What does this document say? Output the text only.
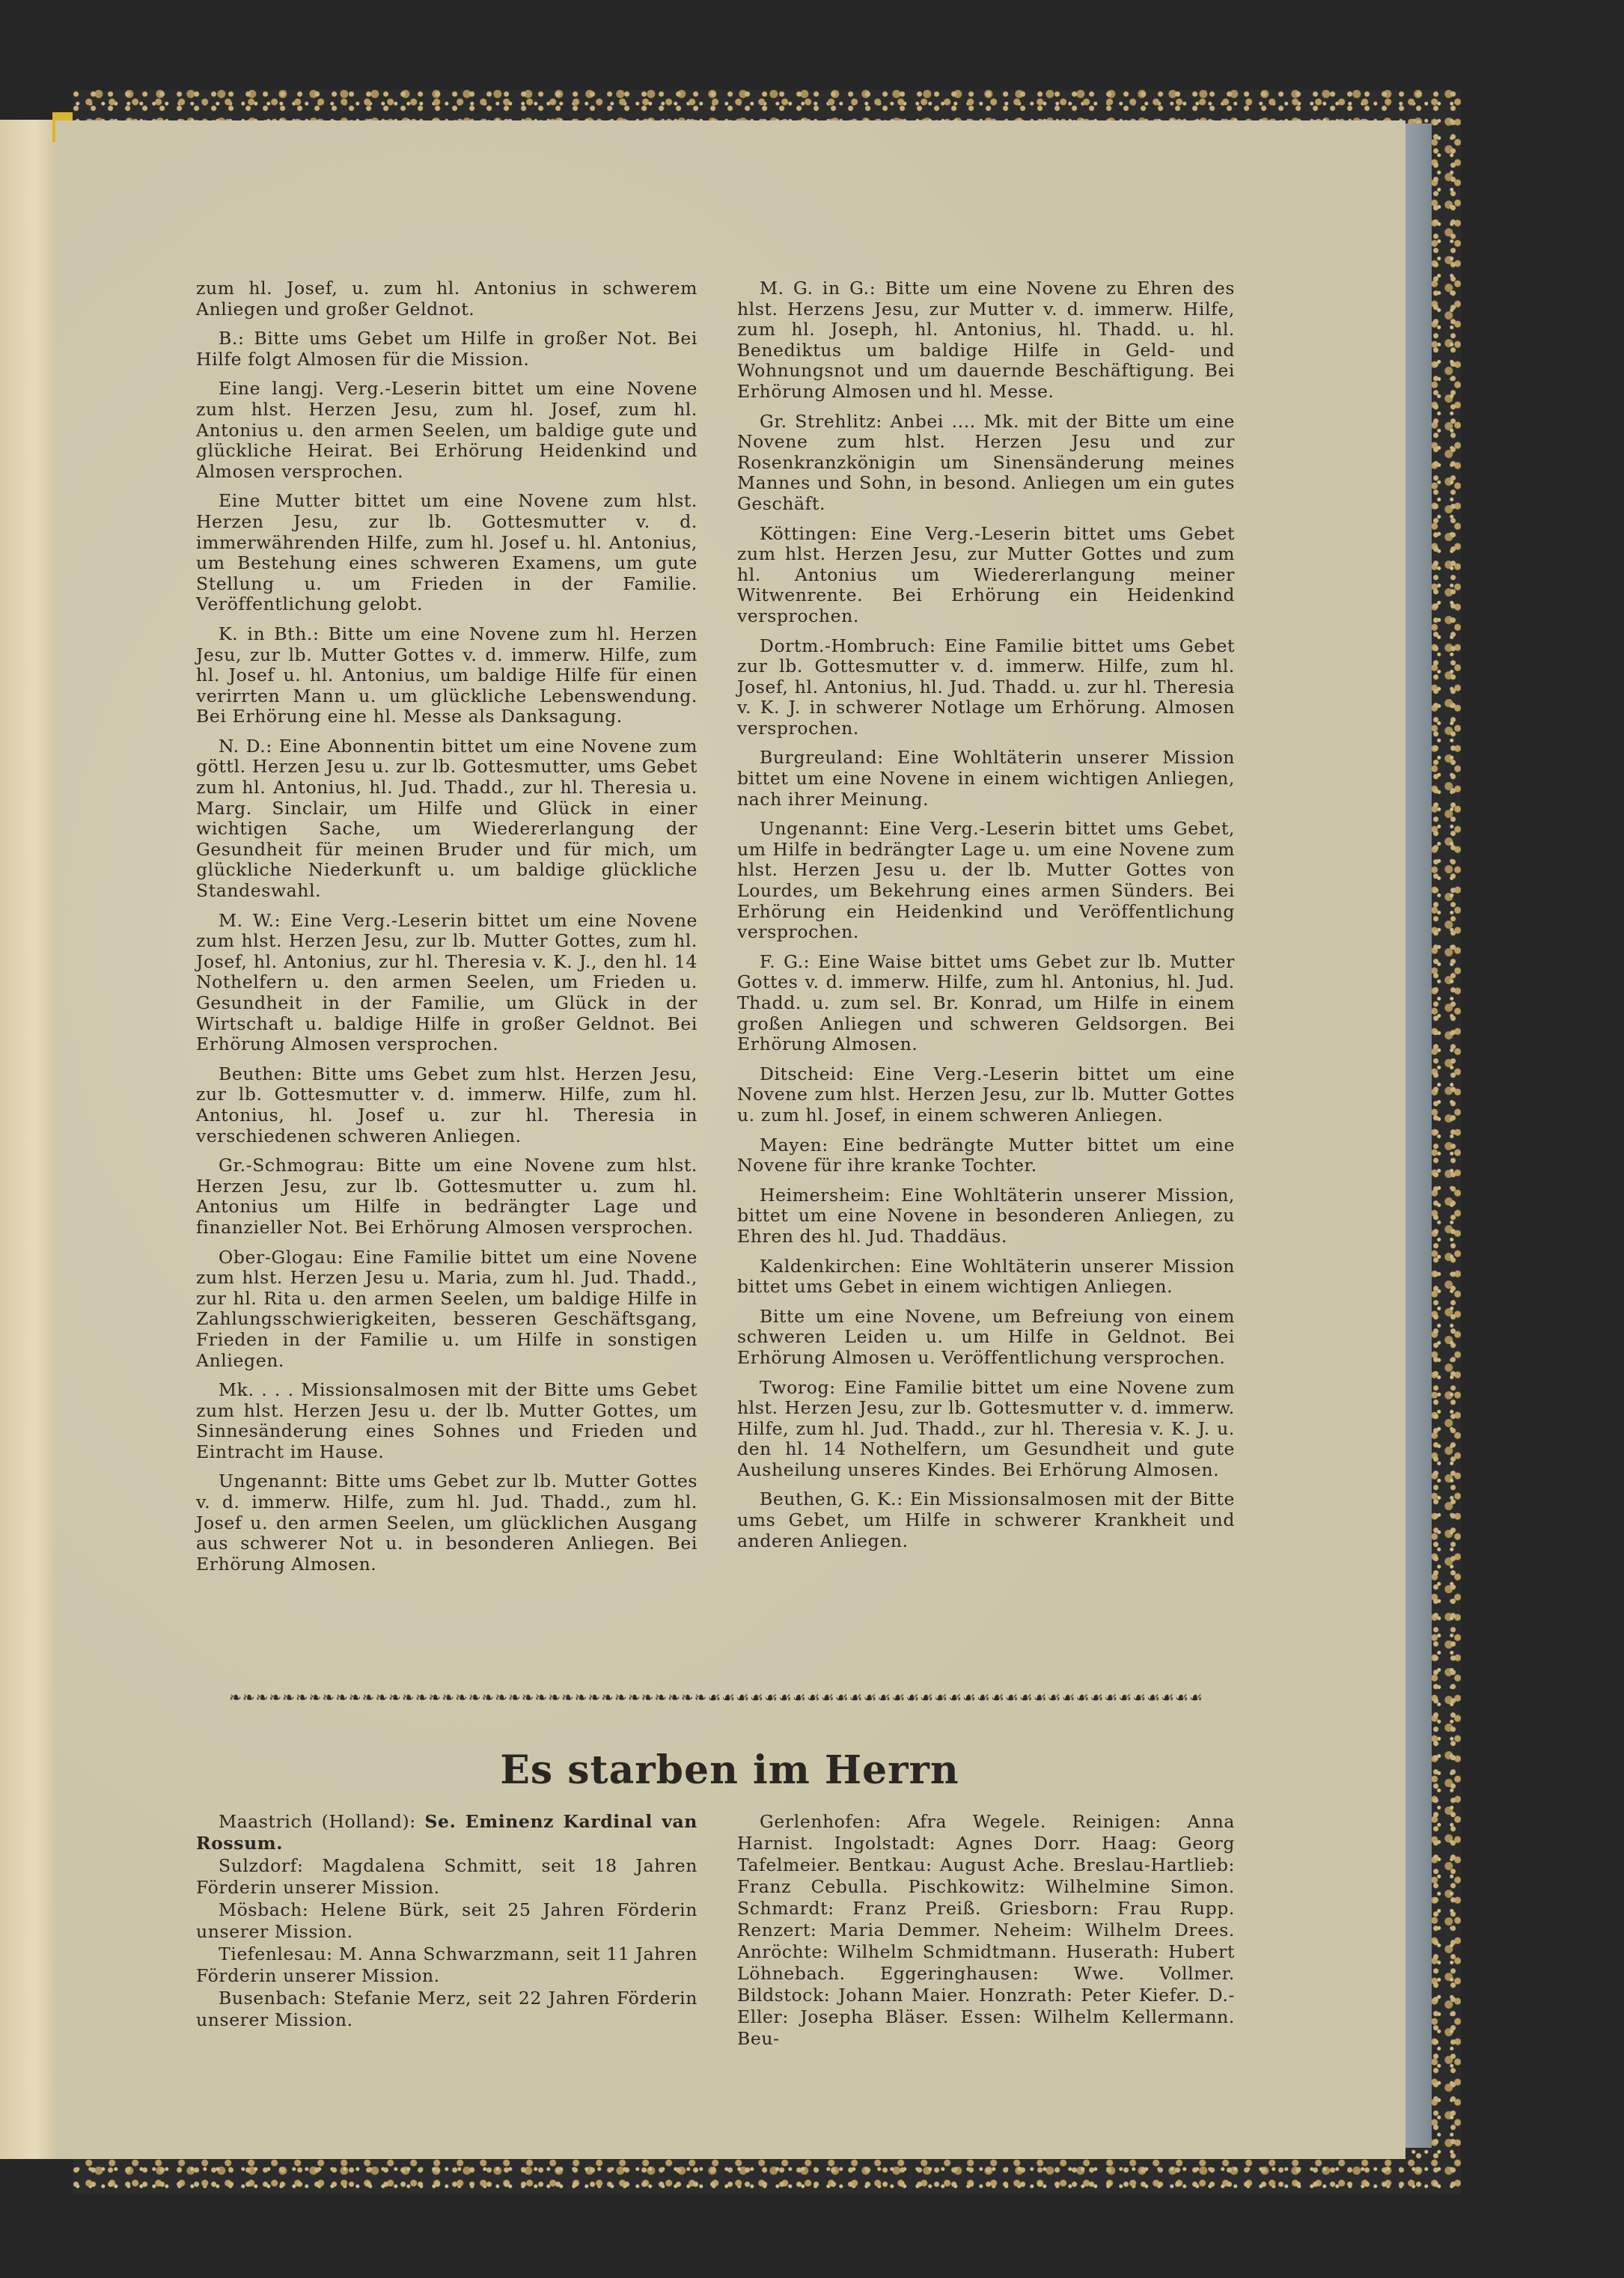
zum hl. Josef, u. zum hl. Antonius in schwerem Anliegen und großer Geldnot.

B.: Bitte ums Gebet um Hilfe in großer Not. Bei Hilfe folgt Almosen für die Mission.

Eine langj. Verg.-Leserin bittet um eine Novene zum hlst. Herzen Jesu, zum hl. Josef, zum hl. Antonius u. den armen Seelen, um baldige gute und glückliche Heirat. Bei Erhörung Heidenkind und Almosen versprochen.

Eine Mutter bittet um eine Novene zum hlst. Herzen Jesu, zur lb. Gottesmutter v. d. immerwährenden Hilfe, zum hl. Josef u. hl. Antonius, um Bestehung eines schweren Examens, um gute Stellung u. um Frieden in der Familie. Veröffentlichung gelobt.

K. in Bth.: Bitte um eine Novene zum hl. Herzen Jesu, zur lb. Mutter Gottes v. d. immerw. Hilfe, zum hl. Josef u. hl. Antonius, um baldige Hilfe für einen verirrten Mann u. um glückliche Lebenswendung. Bei Erhörung eine hl. Messe als Danksagung.

N. D.: Eine Abonnentin bittet um eine Novene zum göttl. Herzen Jesu u. zur lb. Gottesmutter, ums Gebet zum hl. Antonius, hl. Jud. Thadd., zur hl. Theresia u. Marg. Sinclair, um Hilfe und Glück in einer wichtigen Sache, um Wiedererlangung der Gesundheit für meinen Bruder und für mich, um glückliche Niederkunft u. um baldige glückliche Standeswahl.

M. W.: Eine Verg.-Leserin bittet um eine Novene zum hlst. Herzen Jesu, zur lb. Mutter Gottes, zum hl. Josef, hl. Antonius, zur hl. Theresia v. K. J., den hl. 14 Nothelfern u. den armen Seelen, um Frieden u. Gesundheit in der Familie, um Glück in der Wirtschaft u. baldige Hilfe in großer Geldnot. Bei Erhörung Almosen versprochen.

Beuthen: Bitte ums Gebet zum hlst. Herzen Jesu, zur lb. Gottesmutter v. d. immerw. Hilfe, zum hl. Antonius, hl. Josef u. zur hl. Theresia in verschiedenen schweren Anliegen.

Gr.-Schmograu: Bitte um eine Novene zum hlst. Herzen Jesu, zur lb. Gottesmutter u. zum hl. Antonius um Hilfe in bedrängter Lage und finanzieller Not. Bei Erhörung Almosen versprochen.

Ober-Glogau: Eine Familie bittet um eine Novene zum hlst. Herzen Jesu u. Maria, zum hl. Jud. Thadd., zur hl. Rita u. den armen Seelen, um baldige Hilfe in Zahlungsschwierigkeiten, besseren Geschäftsgang, Frieden in der Familie u. um Hilfe in sonstigen Anliegen.

Mk. . . . Missionsalmosen mit der Bitte ums Gebet zum hlst. Herzen Jesu u. der lb. Mutter Gottes, um Sinnesänderung eines Sohnes und Frieden und Eintracht im Hause.

Ungenannt: Bitte ums Gebet zur lb. Mutter Gottes v. d. immerw. Hilfe, zum hl. Jud. Thadd., zum hl. Josef u. den armen Seelen, um glücklichen Ausgang aus schwerer Not u. in besonderen Anliegen. Bei Erhörung Almosen.

M. G. in G.: Bitte um eine Novene zu Ehren des hlst. Herzens Jesu, zur Mutter v. d. immerw. Hilfe, zum hl. Joseph, hl. Antonius, hl. Thadd. u. hl. Benediktus um baldige Hilfe in Geld- und Wohnungsnot und um dauernde Beschäftigung. Bei Erhörung Almosen und hl. Messe.

Gr. Strehlitz: Anbei .... Mk. mit der Bitte um eine Novene zum hlst. Herzen Jesu und zur Rosenkranzkönigin um Sinensänderung meines Mannes und Sohn, in besond. Anliegen um ein gutes Geschäft.

Köttingen: Eine Verg.-Leserin bittet ums Gebet zum hlst. Herzen Jesu, zur Mutter Gottes und zum hl. Antonius um Wiedererlangung meiner Witwenrente. Bei Erhörung ein Heidenkind versprochen.

Dortm.-Hombruch: Eine Familie bittet ums Gebet zur lb. Gottesmutter v. d. immerw. Hilfe, zum hl. Josef, hl. Antonius, hl. Jud. Thadd. u. zur hl. Theresia v. K. J. in schwerer Notlage um Erhörung. Almosen versprochen.

Burgreuland: Eine Wohltäterin unserer Mission bittet um eine Novene in einem wichtigen Anliegen, nach ihrer Meinung.

Ungenannt: Eine Verg.-Leserin bittet ums Gebet, um Hilfe in bedrängter Lage u. um eine Novene zum hlst. Herzen Jesu u. der lb. Mutter Gottes von Lourdes, um Bekehrung eines armen Sünders. Bei Erhörung ein Heidenkind und Veröffentlichung versprochen.

F. G.: Eine Waise bittet ums Gebet zur lb. Mutter Gottes v. d. immerw. Hilfe, zum hl. Antonius, hl. Jud. Thadd. u. zum sel. Br. Konrad, um Hilfe in einem großen Anliegen und schweren Geldsorgen. Bei Erhörung Almosen.

Ditscheid: Eine Verg.-Leserin bittet um eine Novene zum hlst. Herzen Jesu, zur lb. Mutter Gottes u. zum hl. Josef, in einem schweren Anliegen.

Mayen: Eine bedrängte Mutter bittet um eine Novene für ihre kranke Tochter.

Heimersheim: Eine Wohltäterin unserer Mission, bittet um eine Novene in besonderen Anliegen, zu Ehren des hl. Jud. Thaddäus.

Kaldenkirchen: Eine Wohltäterin unserer Mission bittet ums Gebet in einem wichtigen Anliegen.

Bitte um eine Novene, um Befreiung von einem schweren Leiden u. um Hilfe in Geldnot. Bei Erhörung Almosen u. Veröffentlichung versprochen.

Tworog: Eine Familie bittet um eine Novene zum hlst. Herzen Jesu, zur lb. Gottesmutter v. d. immerw. Hilfe, zum hl. Jud. Thadd., zur hl. Theresia v. K. J. u. den hl. 14 Nothelfern, um Gesundheit und gute Ausheilung unseres Kindes. Bei Erhörung Almosen.

Beuthen, G. K.: Ein Missionsalmosen mit der Bitte ums Gebet, um Hilfe in schwerer Krankheit und anderen Anliegen.

❧❧❧❧❧❧❧❧❧❧❧❧❧❧❧❧❧❧❧❧❧❧❧❧❧❧❧❧❧❧❧❧❧❧❧❧☙☙☙☙☙☙☙☙☙☙☙☙☙☙☙☙☙☙☙☙☙☙☙☙☙☙☙☙☙☙☙☙☙☙☙
Es starben im Herrn

Maastrich (Holland): Se. Eminenz Kardinal van Rossum.

Sulzdorf: Magdalena Schmitt, seit 18 Jahren Förderin unserer Mission.

Mösbach: Helene Bürk, seit 25 Jahren Förderin unserer Mission.

Tiefenlesau: M. Anna Schwarzmann, seit 11 Jahren Förderin unserer Mission.

Busenbach: Stefanie Merz, seit 22 Jahren Förderin unserer Mission.

Gerlenhofen: Afra Wegele. Reinigen: Anna Harnist. Ingolstadt: Agnes Dorr. Haag: Georg Tafelmeier. Bentkau: August Ache. Breslau-Hartlieb: Franz Cebulla. Pischkowitz: Wilhelmine Simon. Schmardt: Franz Preiß. Griesborn: Frau Rupp. Renzert: Maria Demmer. Neheim: Wilhelm Drees. Anröchte: Wilhelm Schmidtmann. Huserath: Hubert Löhnebach. Eggeringhausen: Wwe. Vollmer. Bildstock: Johann Maier. Honzrath: Peter Kiefer. D.-Eller: Josepha Bläser. Essen: Wilhelm Kellermann. Beu-
